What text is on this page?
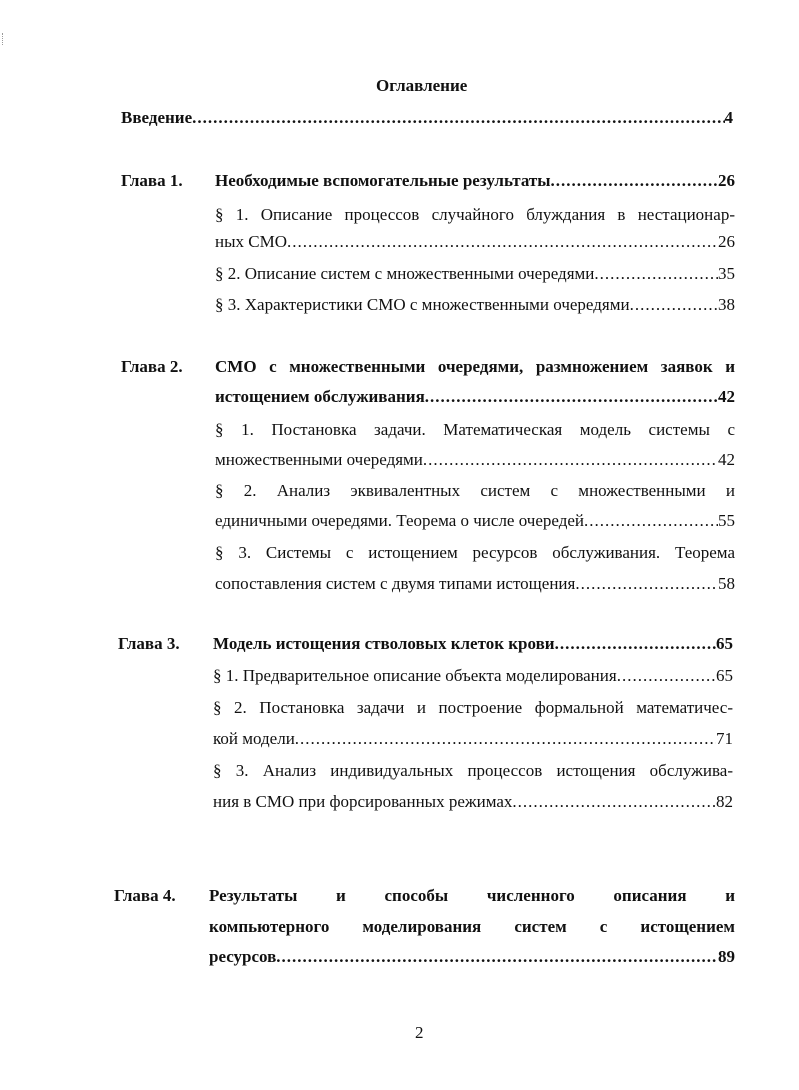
Оглавление
Введение .....	4
Глава 1. Необходимые вспомогательные результаты .....	26
§ 1. Описание процессов случайного блуждания в нестационар-
ных СМО .....	26
§ 2. Описание систем с множественными очередями .....	35
§ 3. Характеристики СМО с множественными очередями .....	38
Глава 2. СМО с множественными очередями, размножением заявок и
истощением обслуживания .....	42
§ 1. Постановка задачи. Математическая модель системы с
множественными очередями .....	42
§ 2. Анализ эквивалентных систем с множественными и
единичными очередями. Теорема о числе очередей .....	55
§ 3. Системы с истощением ресурсов обслуживания. Теорема
сопоставления систем с двумя типами истощения .....	58
Глава 3. Модель истощения стволовых клеток крови .....	65
§ 1. Предварительное описание объекта моделирования .....	65
§ 2. Постановка задачи и построение формальной математичес-
кой модели .....	71
§ 3. Анализ индивидуальных процессов истощения обслужива-
ния в СМО при форсированных режимах .....	82
Глава 4. Результаты и способы численного описания и
компьютерного моделирования систем с истощением
ресурсов .....	89
2
